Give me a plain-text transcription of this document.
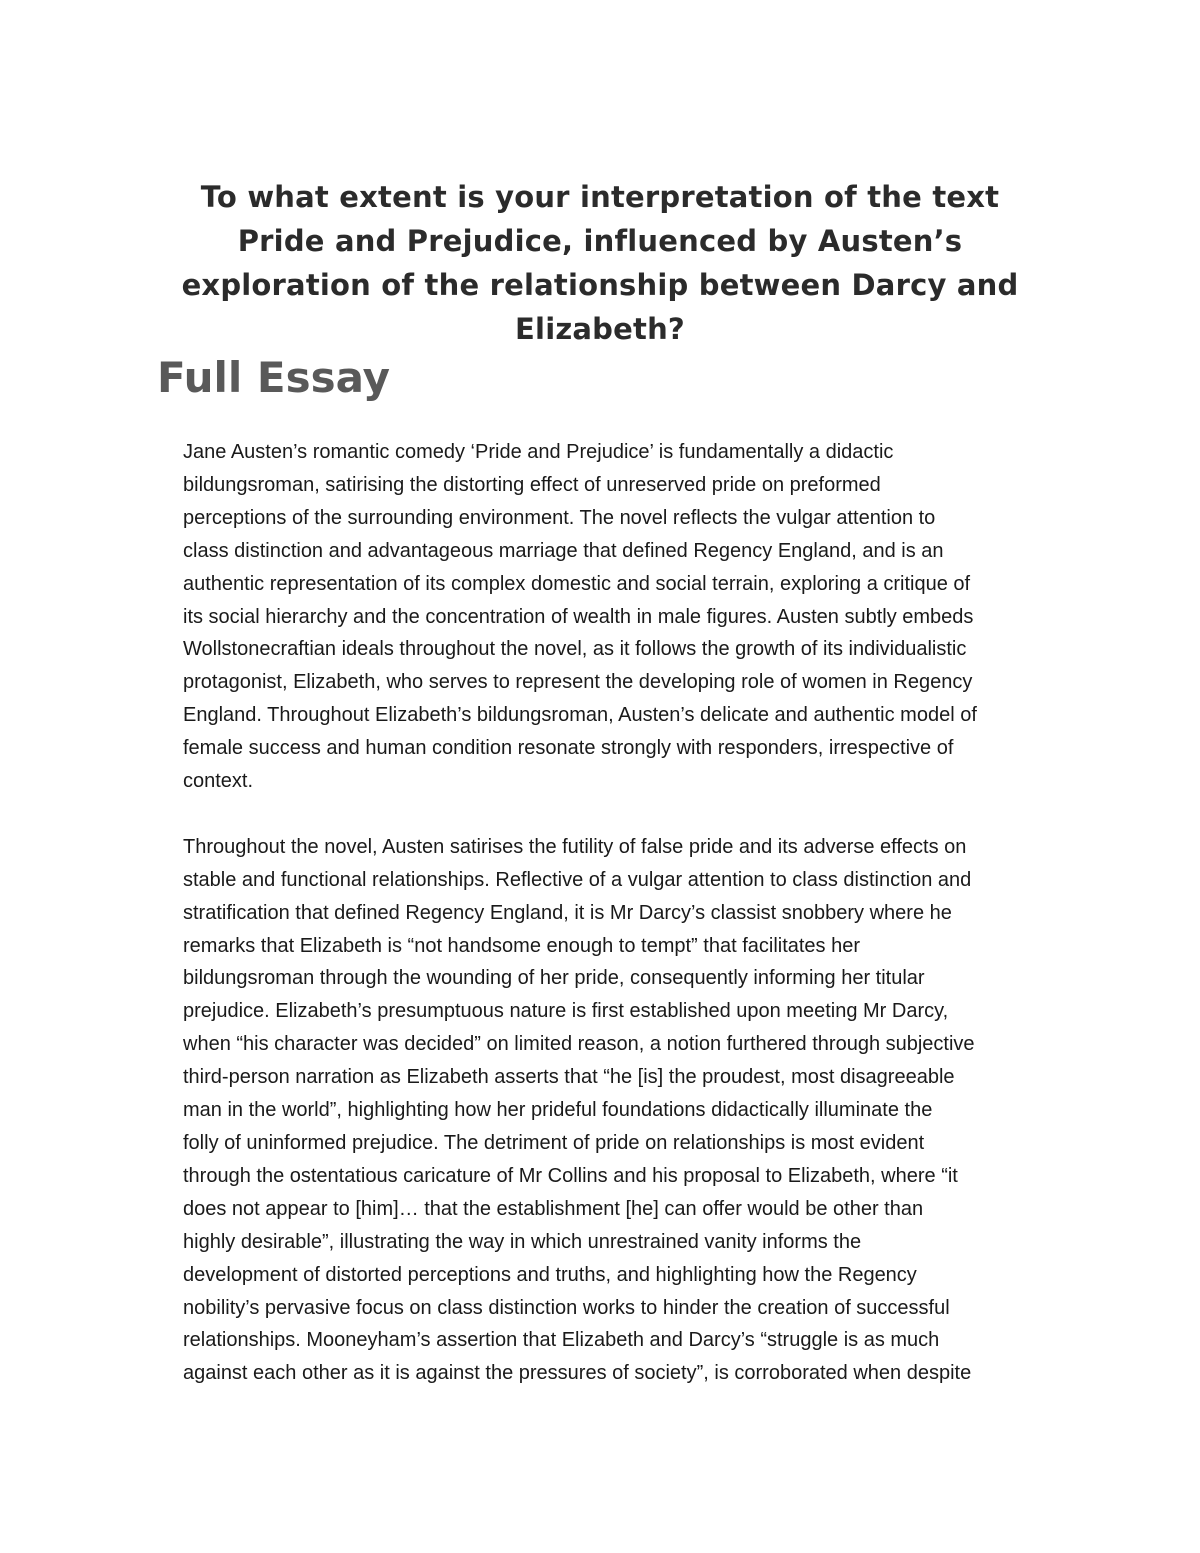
To what extent is your interpretation of the text
Pride and Prejudice, influenced by Austen’s
exploration of the relationship between Darcy and
Elizabeth?
Full Essay
Jane Austen’s romantic comedy ‘Pride and Prejudice’ is fundamentally a didactic
bildungsroman, satirising the distorting effect of unreserved pride on preformed
perceptions of the surrounding environment. The novel reflects the vulgar attention to
class distinction and advantageous marriage that defined Regency England, and is an
authentic representation of its complex domestic and social terrain, exploring a critique of
its social hierarchy and the concentration of wealth in male figures. Austen subtly embeds
Wollstonecraftian ideals throughout the novel, as it follows the growth of its individualistic
protagonist, Elizabeth, who serves to represent the developing role of women in Regency
England. Throughout Elizabeth’s bildungsroman, Austen’s delicate and authentic model of
female success and human condition resonate strongly with responders, irrespective of
context.
Throughout the novel, Austen satirises the futility of false pride and its adverse effects on
stable and functional relationships. Reflective of a vulgar attention to class distinction and
stratification that defined Regency England, it is Mr Darcy’s classist snobbery where he
remarks that Elizabeth is “not handsome enough to tempt” that facilitates her
bildungsroman through the wounding of her pride, consequently informing her titular
prejudice. Elizabeth’s presumptuous nature is first established upon meeting Mr Darcy,
when “his character was decided” on limited reason, a notion furthered through subjective
third-person narration as Elizabeth asserts that “he [is] the proudest, most disagreeable
man in the world”, highlighting how her prideful foundations didactically illuminate the
folly of uninformed prejudice. The detriment of pride on relationships is most evident
through the ostentatious caricature of Mr Collins and his proposal to Elizabeth, where “it
does not appear to [him]… that the establishment [he] can offer would be other than
highly desirable”, illustrating the way in which unrestrained vanity informs the
development of distorted perceptions and truths, and highlighting how the Regency
nobility’s pervasive focus on class distinction works to hinder the creation of successful
relationships. Mooneyham’s assertion that Elizabeth and Darcy’s “struggle is as much
against each other as it is against the pressures of society”, is corroborated when despite
